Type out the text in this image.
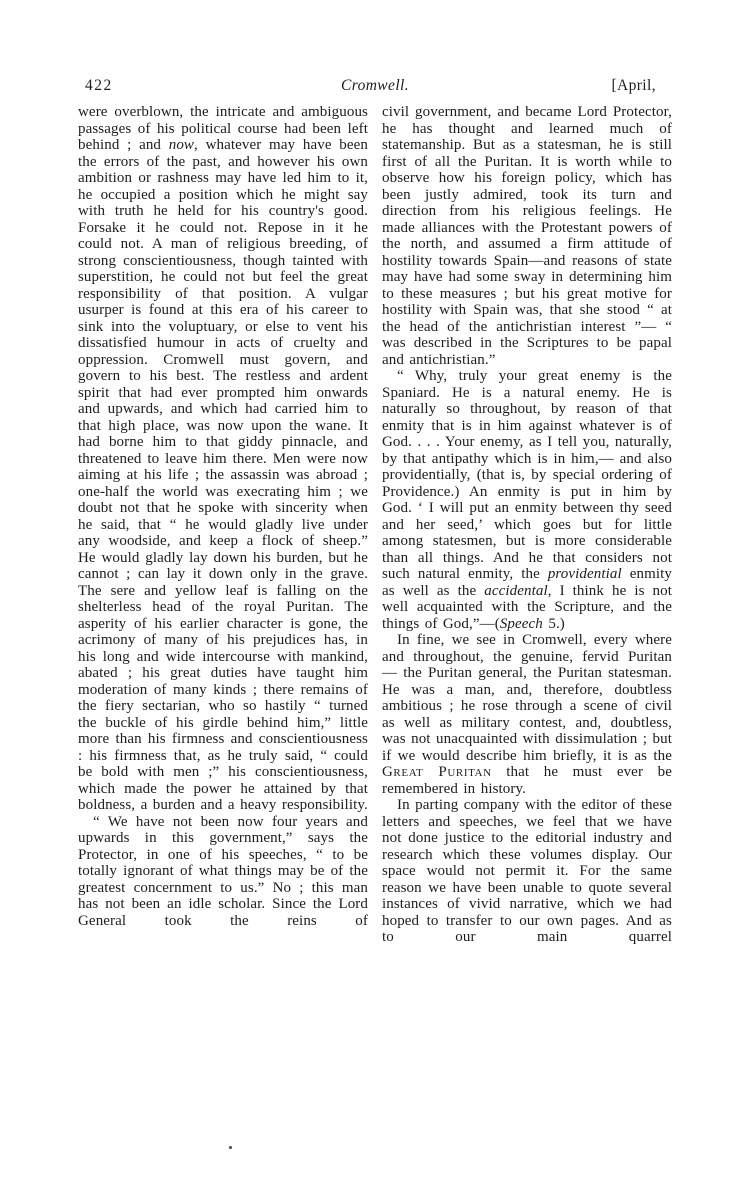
422	Cromwell.	[April,

were overblown, the intricate and ambiguous passages of his political course had been left behind ; and now, whatever may have been the errors of the past, and however his own ambition or rashness may have led him to it, he occupied a position which he might say with truth he held for his country's good. Forsake it he could not. Repose in it he could not. A man of religious breeding, of strong conscientiousness, though tainted with superstition, he could not but feel the great responsibility of that position. A vulgar usurper is found at this era of his career to sink into the voluptuary, or else to vent his dissatisfied humour in acts of cruelty and oppression. Cromwell must govern, and govern to his best. The restless and ardent spirit that had ever prompted him onwards and upwards, and which had carried him to that high place, was now upon the wane. It had borne him to that giddy pinnacle, and threatened to leave him there. Men were now aiming at his life ; the assassin was abroad ; one-half the world was execrating him ; we doubt not that he spoke with sincerity when he said, that “ he would gladly live under any woodside, and keep a flock of sheep.” He would gladly lay down his burden, but he cannot ; can lay it down only in the grave. The sere and yellow leaf is falling on the shelterless head of the royal Puritan. The asperity of his earlier character is gone, the acrimony of many of his prejudices has, in his long and wide intercourse with mankind, abated ; his great duties have taught him moderation of many kinds ; there remains of the fiery sectarian, who so hastily “ turned the buckle of his girdle behind him,” little more than his firmness and conscientiousness : his firmness that, as he truly said, “ could be bold with men ;” his conscientiousness, which made the power he attained by that boldness, a burden and a heavy responsibility.

“ We have not been now four years and upwards in this government,” says the Protector, in one of his speeches, “ to be totally ignorant of what things may be of the greatest concernment to us.” No ; this man has not been an idle scholar. Since the Lord General took the reins of

civil government, and became Lord Protector, he has thought and learned much of statemanship. But as a statesman, he is still first of all the Puritan. It is worth while to observe how his foreign policy, which has been justly admired, took its turn and direction from his religious feelings. He made alliances with the Protestant powers of the north, and assumed a firm attitude of hostility towards Spain—and reasons of state may have had some sway in determining him to these measures ; but his great motive for hostility with Spain was, that she stood “ at the head of the antichristian interest ”— “ was described in the Scriptures to be papal and antichristian.”

“ Why, truly your great enemy is the Spaniard. He is a natural enemy. He is naturally so throughout, by reason of that enmity that is in him against whatever is of God. . . . Your enemy, as I tell you, naturally, by that antipathy which is in him,— and also providentially, (that is, by special ordering of Providence.) An enmity is put in him by God. ‘ I will put an enmity between thy seed and her seed,’ which goes but for little among statesmen, but is more considerable than all things. And he that considers not such natural enmity, the providential enmity as well as the accidental, I think he is not well acquainted with the Scripture, and the things of God,”—(Speech 5.)

In fine, we see in Cromwell, every where and throughout, the genuine, fervid Puritan — the Puritan general, the Puritan statesman. He was a man, and, therefore, doubtless ambitious ; he rose through a scene of civil as well as military contest, and, doubtless, was not unacquainted with dissimulation ; but if we would describe him briefly, it is as the Great Puritan that he must ever be remembered in history.

In parting company with the editor of these letters and speeches, we feel that we have not done justice to the editorial industry and research which these volumes display. Our space would not permit it. For the same reason we have been unable to quote several instances of vivid narrative, which we had hoped to transfer to our own pages. And as to our main quarrel
